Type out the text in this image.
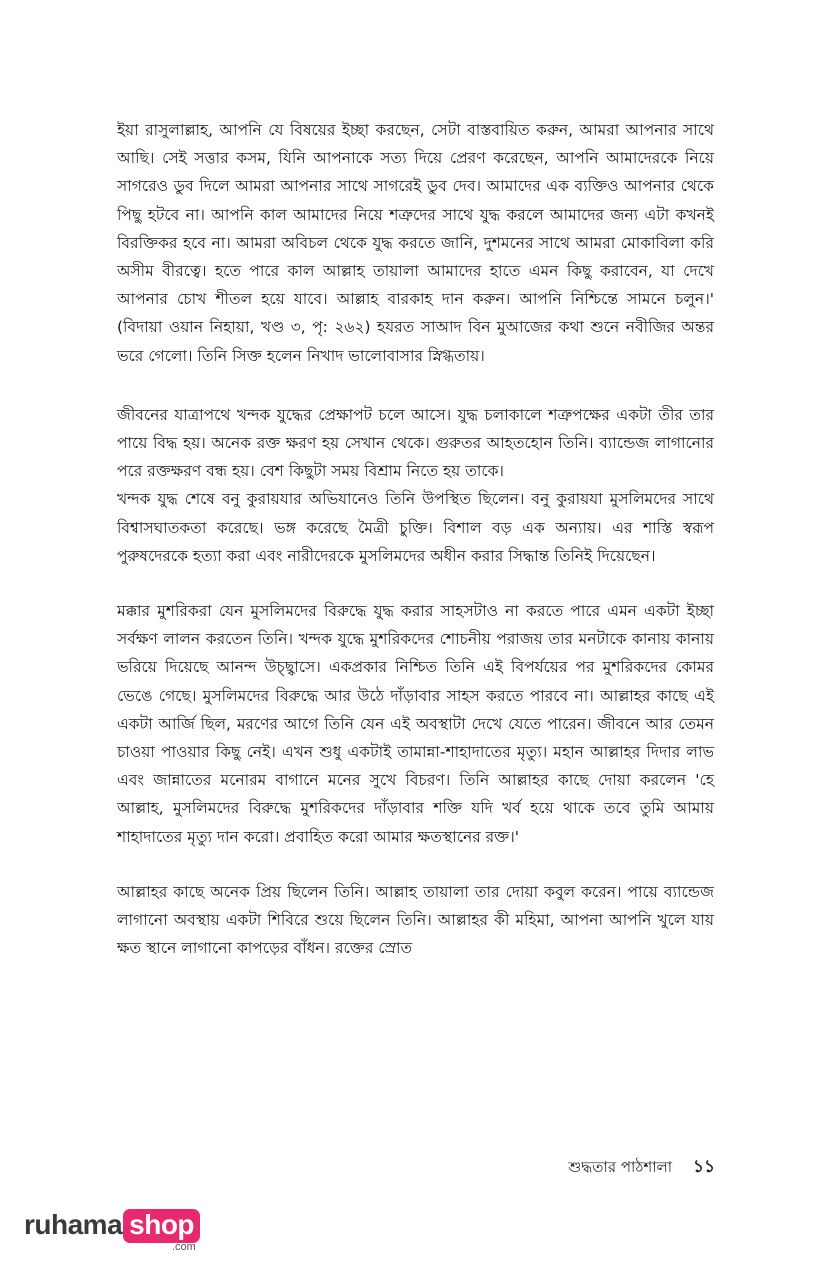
ইয়া রাসুলাল্লাহ, আপনি যে বিষয়ের ইচ্ছা করছেন, সেটা বাস্তবায়িত করুন, আমরা আপনার সাথে আছি। সেই সত্তার কসম, যিনি আপনাকে সত্য দিয়ে প্রেরণ করেছেন, আপনি আমাদেরকে নিয়ে সাগরেও ডুব দিলে আমরা আপনার সাথে সাগরেই ডুব দেব। আমাদের এক ব্যক্তিও আপনার থেকে পিছু হটবে না। আপনি কাল আমাদের নিয়ে শত্রুদের সাথে যুদ্ধ করলে আমাদের জন্য এটা কখনই বিরক্তিকর হবে না। আমরা অবিচল থেকে যুদ্ধ করতে জানি, দুশমনের সাথে আমরা মোকাবিলা করি অসীম বীরত্বে। হতে পারে কাল আল্লাহ তায়ালা আমাদের হাতে এমন কিছু করাবেন, যা দেখে আপনার চোখ শীতল হয়ে যাবে। আল্লাহ বারকাহ দান করুন। আপনি নিশ্চিন্তে সামনে চলুন।' (বিদায়া ওয়ান নিহায়া, খণ্ড ৩, পৃ: ২৬২) হযরত সাআদ বিন মুআজের কথা শুনে নবীজির অন্তর ভরে গেলো। তিনি সিক্ত হলেন নিখাদ ভালোবাসার স্নিগ্ধতায়।

জীবনের যাত্রাপথে খন্দক যুদ্ধের প্রেক্ষাপট চলে আসে। যুদ্ধ চলাকালে শত্রুপক্ষের একটা তীর তার পায়ে বিদ্ধ হয়। অনেক রক্ত ক্ষরণ হয় সেখান থেকে। গুরুতর আহতহোন তিনি। ব্যান্ডেজ লাগানোর পরে রক্তক্ষরণ বন্ধ হয়। বেশ কিছুটা সময় বিশ্রাম নিতে হয় তাকে।

খন্দক যুদ্ধ শেষে বনু কুরায়যার অভিযানেও তিনি উপস্থিত ছিলেন। বনু কুরায়যা মুসলিমদের সাথে বিশ্বাসঘাতকতা করেছে। ভঙ্গ করেছে মৈত্রী চুক্তি। বিশাল বড় এক অন্যায়। এর শাস্তি স্বরূপ পুরুষদেরকে হত্যা করা এবং নারীদেরকে মুসলিমদের অধীন করার সিদ্ধান্ত তিনিই দিয়েছেন।

মক্কার মুশরিকরা যেন মুসলিমদের বিরুদ্ধে যুদ্ধ করার সাহসটাও না করতে পারে এমন একটা ইচ্ছা সর্বক্ষণ লালন করতেন তিনি। খন্দক যুদ্ধে মুশরিকদের শোচনীয় পরাজয় তার মনটাকে কানায় কানায় ভরিয়ে দিয়েছে আনন্দ উচ্ছ্বাসে। একপ্রকার নিশ্চিত তিনি এই বিপর্যয়ের পর মুশরিকদের কোমর ভেঙে গেছে। মুসলিমদের বিরুদ্ধে আর উঠে দাঁড়াবার সাহস করতে পারবে না। আল্লাহর কাছে এই একটা আর্জি ছিল, মরণের আগে তিনি যেন এই অবস্থাটা দেখে যেতে পারেন। জীবনে আর তেমন চাওয়া পাওয়ার কিছু নেই। এখন শুধু একটাই তামান্না-শাহাদাতের মৃত্যু। মহান আল্লাহর দিদার লাভ এবং জান্নাতের মনোরম বাগানে মনের সুখে বিচরণ। তিনি আল্লাহর কাছে দোয়া করলেন 'হে আল্লাহ, মুসলিমদের বিরুদ্ধে মুশরিকদের দাঁড়াবার শক্তি যদি খর্ব হয়ে থাকে তবে তুমি আমায় শাহাদাতের মৃত্যু দান করো। প্রবাহিত করো আমার ক্ষতস্থানের রক্ত।'

আল্লাহর কাছে অনেক প্রিয় ছিলেন তিনি। আল্লাহ তায়ালা তার দোয়া কবুল করেন। পায়ে ব্যান্ডেজ লাগানো অবস্থায় একটা শিবিরে শুয়ে ছিলেন তিনি। আল্লাহর কী মহিমা, আপনা আপনি খুলে যায় ক্ষত স্থানে লাগানো কাপড়ের বাঁধন। রক্তের স্রোত

শুদ্ধতার পাঠশালা ১১
ruhama shop
.com
